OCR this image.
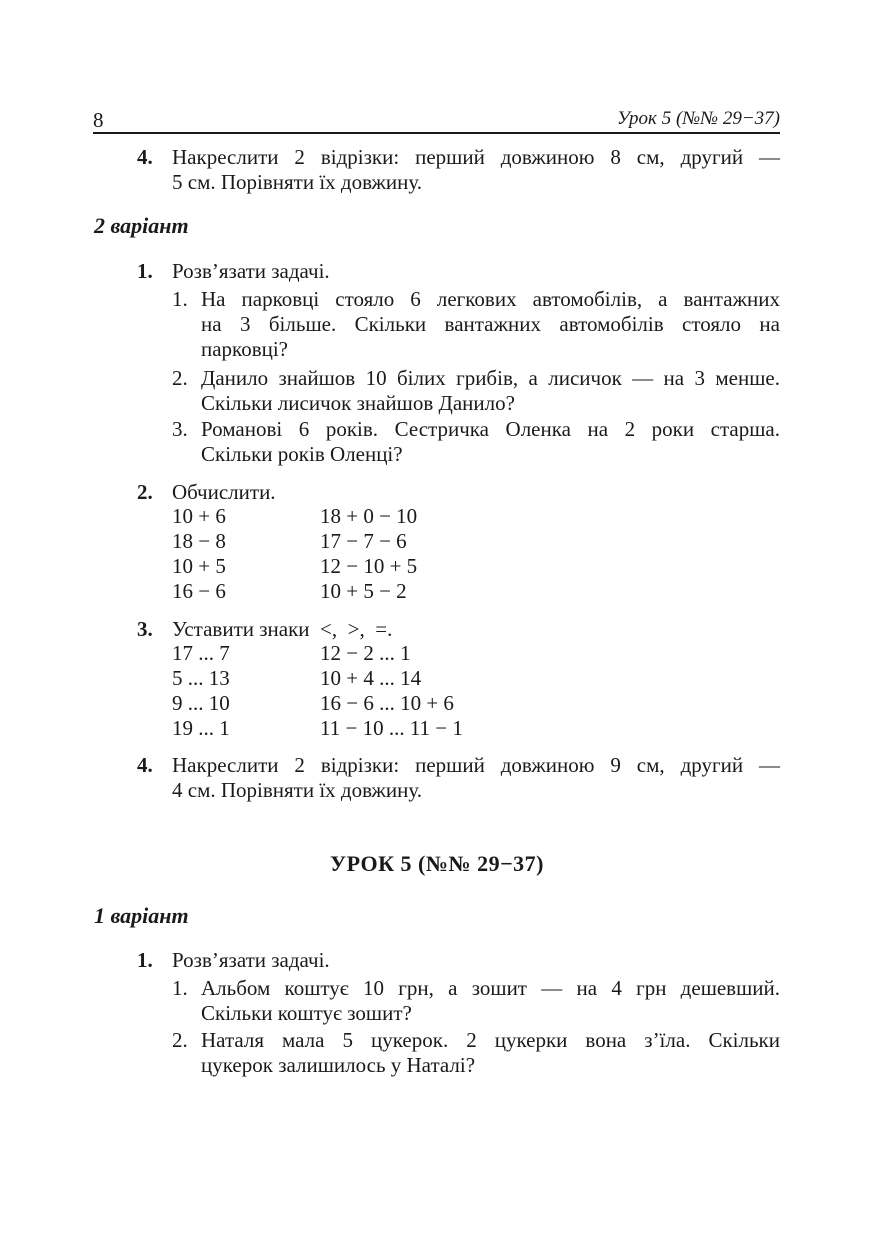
8	Урок 5 (№№ 29−37)
4. Накреслити 2 відрізки: перший довжиною 8 см, другий —
5 см. Порівняти їх довжину.
2 варіант
1. Розв’язати задачі.
1. На парковці стояло 6 легкових автомобілів, а вантажних
на 3 більше. Скільки вантажних автомобілів стояло на
парковці?
2. Данило знайшов 10 білих грибів, а лисичок — на 3 менше.
Скільки лисичок знайшов Данило?
3. Романові 6 років. Сестричка Оленка на 2 роки старша.
Скільки років Оленці?
2. Обчислити.
10 + 6
18 − 8
10 + 5
16 − 6
18 + 0 − 10
17 − 7 − 6
12 − 10 + 5
10 + 5 − 2
3. Уставити знаки  <,  >,  =.
17 ... 7
5 ... 13
9 ... 10
19 ... 1
12 − 2 ... 1
10 + 4 ... 14
16 − 6 ... 10 + 6
11 − 10 ... 11 − 1
4. Накреслити 2 відрізки: перший довжиною 9 см, другий —
4 см. Порівняти їх довжину.
УРОК 5 (№№ 29−37)
1 варіант
1. Розв’язати задачі.
1. Альбом коштує 10 грн, а зошит — на 4 грн дешевший.
Скільки коштує зошит?
2. Наталя мала 5 цукерок. 2 цукерки вона з’їла. Скільки
цукерок залишилось у Наталі?
